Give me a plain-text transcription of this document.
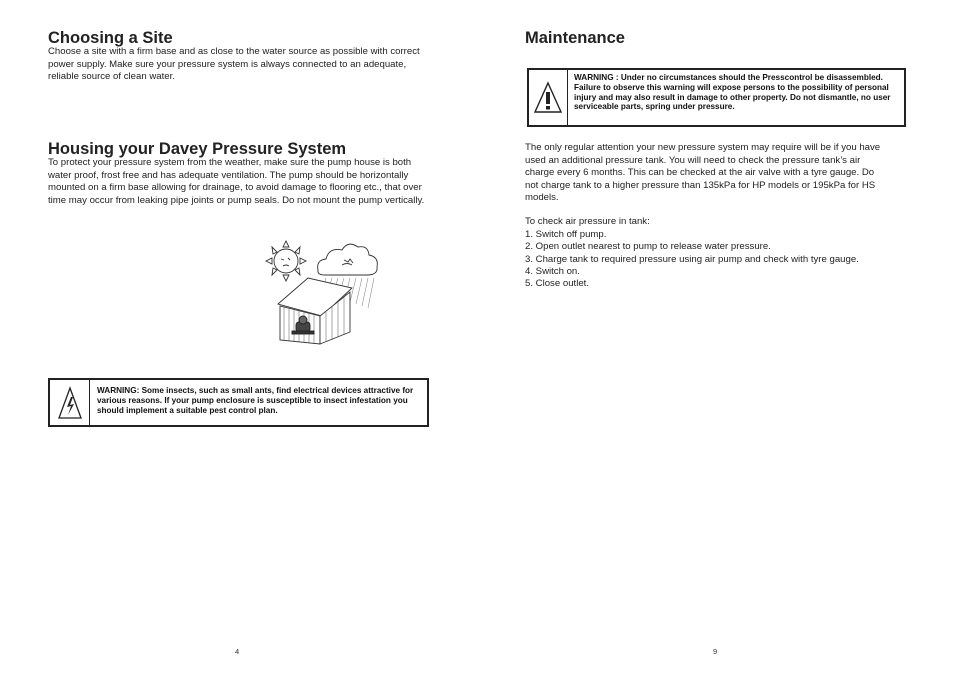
Choosing a Site

Choose a site with a firm base and as close to the water source as possible with correct power supply. Make sure your pressure system is always connected to an adequate, reliable source of clean water.

Housing your Davey Pressure System

To protect your pressure system from the weather, make sure the pump house is both water proof, frost free and has adequate ventilation. The pump should be horizontally mounted on a firm base allowing for drainage, to avoid damage to flooring etc., that over time may occur from leaking pipe joints or pump seals. Do not mount the pump vertically.

WARNING: Some insects, such as small ants, find electrical devices attractive for various reasons. If your pump enclosure is susceptible to insect infestation you should implement a suitable pest control plan.
4
Maintenance
WARNING : Under no circumstances should the Presscontrol be disassembled. Failure to observe this warning will expose persons to the possibility of personal injury and may also result in damage to other property. Do not dismantle, no user serviceable parts, spring under pressure.

The only regular attention your new pressure system may require will be if you have used an additional pressure tank. You will need to check the pressure tank’s air charge every 6 months. This can be checked at the air valve with a tyre gauge. Do not charge tank to a higher pressure than 135kPa for HP models or 195kPa for HS models.

To check air pressure in tank:

1. Switch off pump.
2. Open outlet nearest to pump to release water pressure.
3. Charge tank to required pressure using air pump and check with tyre gauge.
4. Switch on.
5. Close outlet.
9
